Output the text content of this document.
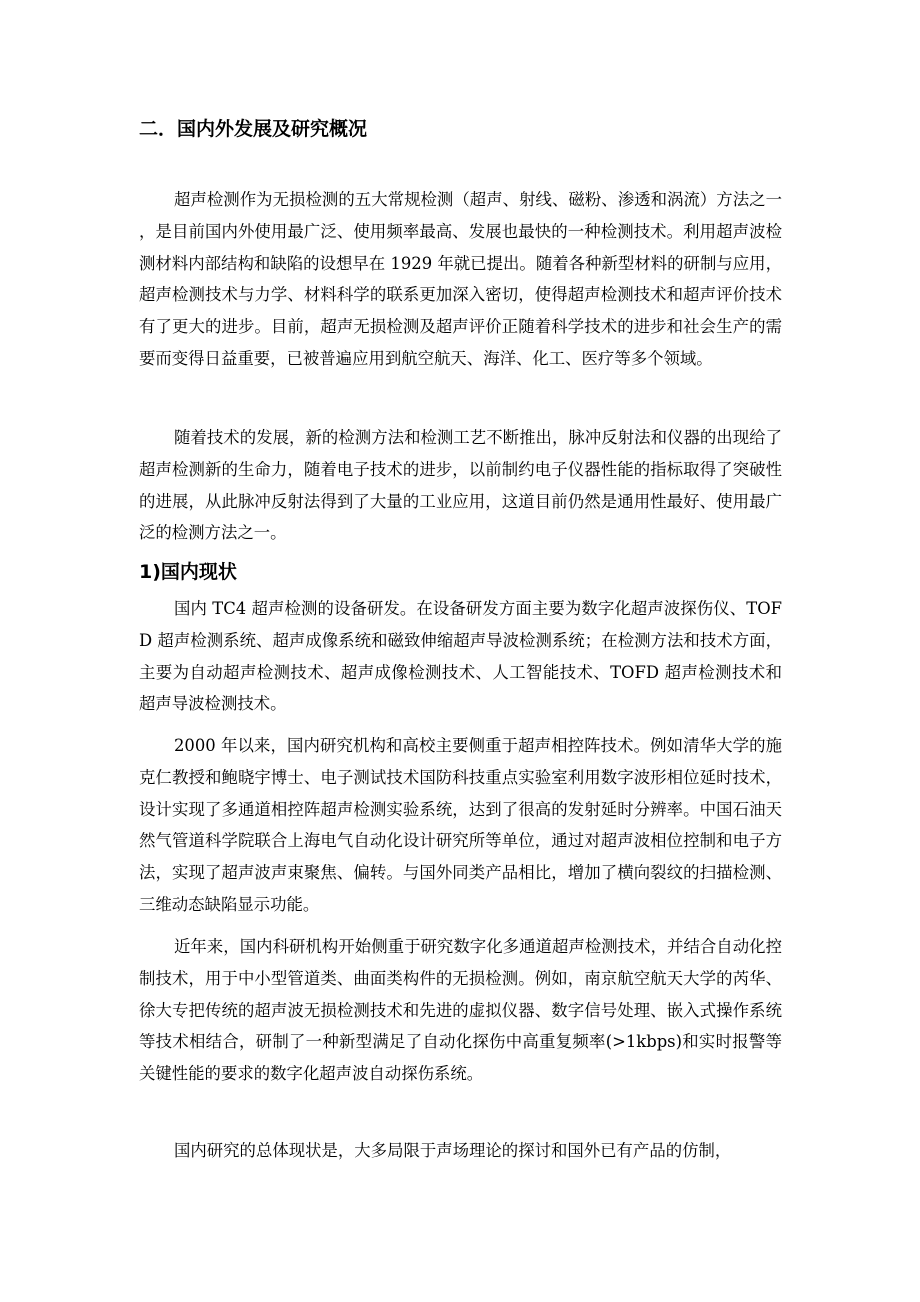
二．国内外发展及研究概况

超声检测作为无损检测的五大常规检测（超声、射线、磁粉、渗透和涡流）方法之一，是目前国内外使用最广泛、使用频率最高、发展也最快的一种检测技术。利用超声波检测材料内部结构和缺陷的设想早在 1929 年就已提出。随着各种新型材料的研制与应用，超声检测技术与力学、材料科学的联系更加深入密切，使得超声检测技术和超声评价技术有了更大的进步。目前，超声无损检测及超声评价正随着科学技术的进步和社会生产的需要而变得日益重要，已被普遍应用到航空航天、海洋、化工、医疗等多个领域。

随着技术的发展，新的检测方法和检测工艺不断推出，脉冲反射法和仪器的出现给了超声检测新的生命力，随着电子技术的进步，以前制约电子仪器性能的指标取得了突破性的进展，从此脉冲反射法得到了大量的工业应用，这道目前仍然是通用性最好、使用最广泛的检测方法之一。

1)国内现状

国内 TC4 超声检测的设备研发。在设备研发方面主要为数字化超声波探伤仪、TOFD 超声检测系统、超声成像系统和磁致伸缩超声导波检测系统；在检测方法和技术方面，主要为自动超声检测技术、超声成像检测技术、人工智能技术、TOFD 超声检测技术和超声导波检测技术。

2000 年以来，国内研究机构和高校主要侧重于超声相控阵技术。例如清华大学的施克仁教授和鲍晓宇博士、电子测试技术国防科技重点实验室利用数字波形相位延时技术，设计实现了多通道相控阵超声检测实验系统，达到了很高的发射延时分辨率。中国石油天然气管道科学院联合上海电气自动化设计研究所等单位，通过对超声波相位控制和电子方法，实现了超声波声束聚焦、偏转。与国外同类产品相比，增加了横向裂纹的扫描检测、三维动态缺陷显示功能。

近年来，国内科研机构开始侧重于研究数字化多通道超声检测技术，并结合自动化控制技术，用于中小型管道类、曲面类构件的无损检测。例如，南京航空航天大学的芮华、徐大专把传统的超声波无损检测技术和先进的虚拟仪器、数字信号处理、嵌入式操作系统等技术相结合，研制了一种新型满足了自动化探伤中高重复频率(>1kbps)和实时报警等关键性能的要求的数字化超声波自动探伤系统。

国内研究的总体现状是，大多局限于声场理论的探讨和国外已有产品的仿制，
